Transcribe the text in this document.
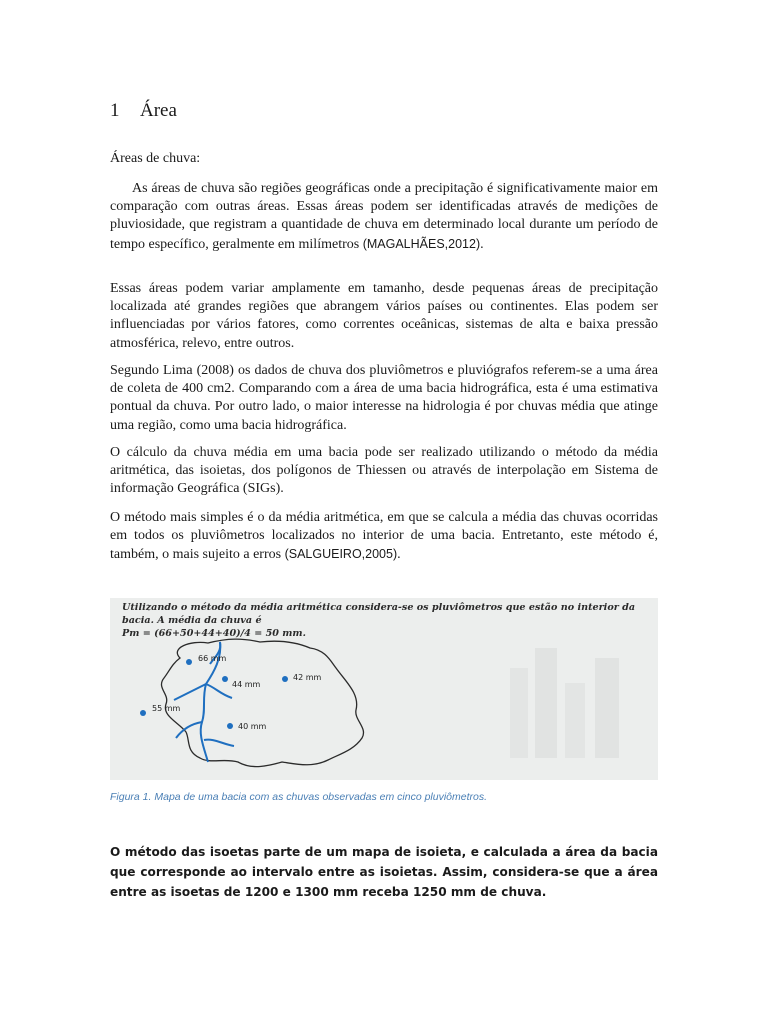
1 Área
Áreas de chuva:

As áreas de chuva são regiões geográficas onde a precipitação é significativamente maior em comparação com outras áreas. Essas áreas podem ser identificadas através de medições de pluviosidade, que registram a quantidade de chuva em determinado local durante um período de tempo específico, geralmente em milímetros (MAGALHÃES,2012).

Essas áreas podem variar amplamente em tamanho, desde pequenas áreas de precipitação localizada até grandes regiões que abrangem vários países ou continentes. Elas podem ser influenciadas por vários fatores, como correntes oceânicas, sistemas de alta e baixa pressão atmosférica, relevo, entre outros.

Segundo Lima (2008) os dados de chuva dos pluviômetros e pluviógrafos referem-se a uma área de coleta de 400 cm2. Comparando com a área de uma bacia hidrográfica, esta é uma estimativa pontual da chuva. Por outro lado, o maior interesse na hidrologia é por chuvas média que atinge uma região, como uma bacia hidrográfica.

O cálculo da chuva média em uma bacia pode ser realizado utilizando o método da média aritmética, das isoietas, dos polígonos de Thiessen ou através de interpolação em Sistema de informação Geográfica (SIGs).

O método mais simples é o da média aritmética, em que se calcula a média das chuvas ocorridas em todos os pluviômetros localizados no interior de uma bacia. Entretanto, este método é, também, o mais sujeito a erros (SALGUEIRO,2005).

Utilizando o método da média aritmética considera-se os pluviômetros que estão no interior da bacia. A média da chuva é
Pm = (66+50+44+40)/4 = 50 mm.
66 mm
44 mm
42 mm
55 mm
40 mm
Figura 1. Mapa de uma bacia com as chuvas observadas em cinco pluviômetros.

O método das isoetas parte de um mapa de isoieta, e calculada a área da bacia que corresponde ao intervalo entre as isoietas. Assim, considera-se que a área entre as isoetas de 1200 e 1300 mm receba 1250 mm de chuva.
